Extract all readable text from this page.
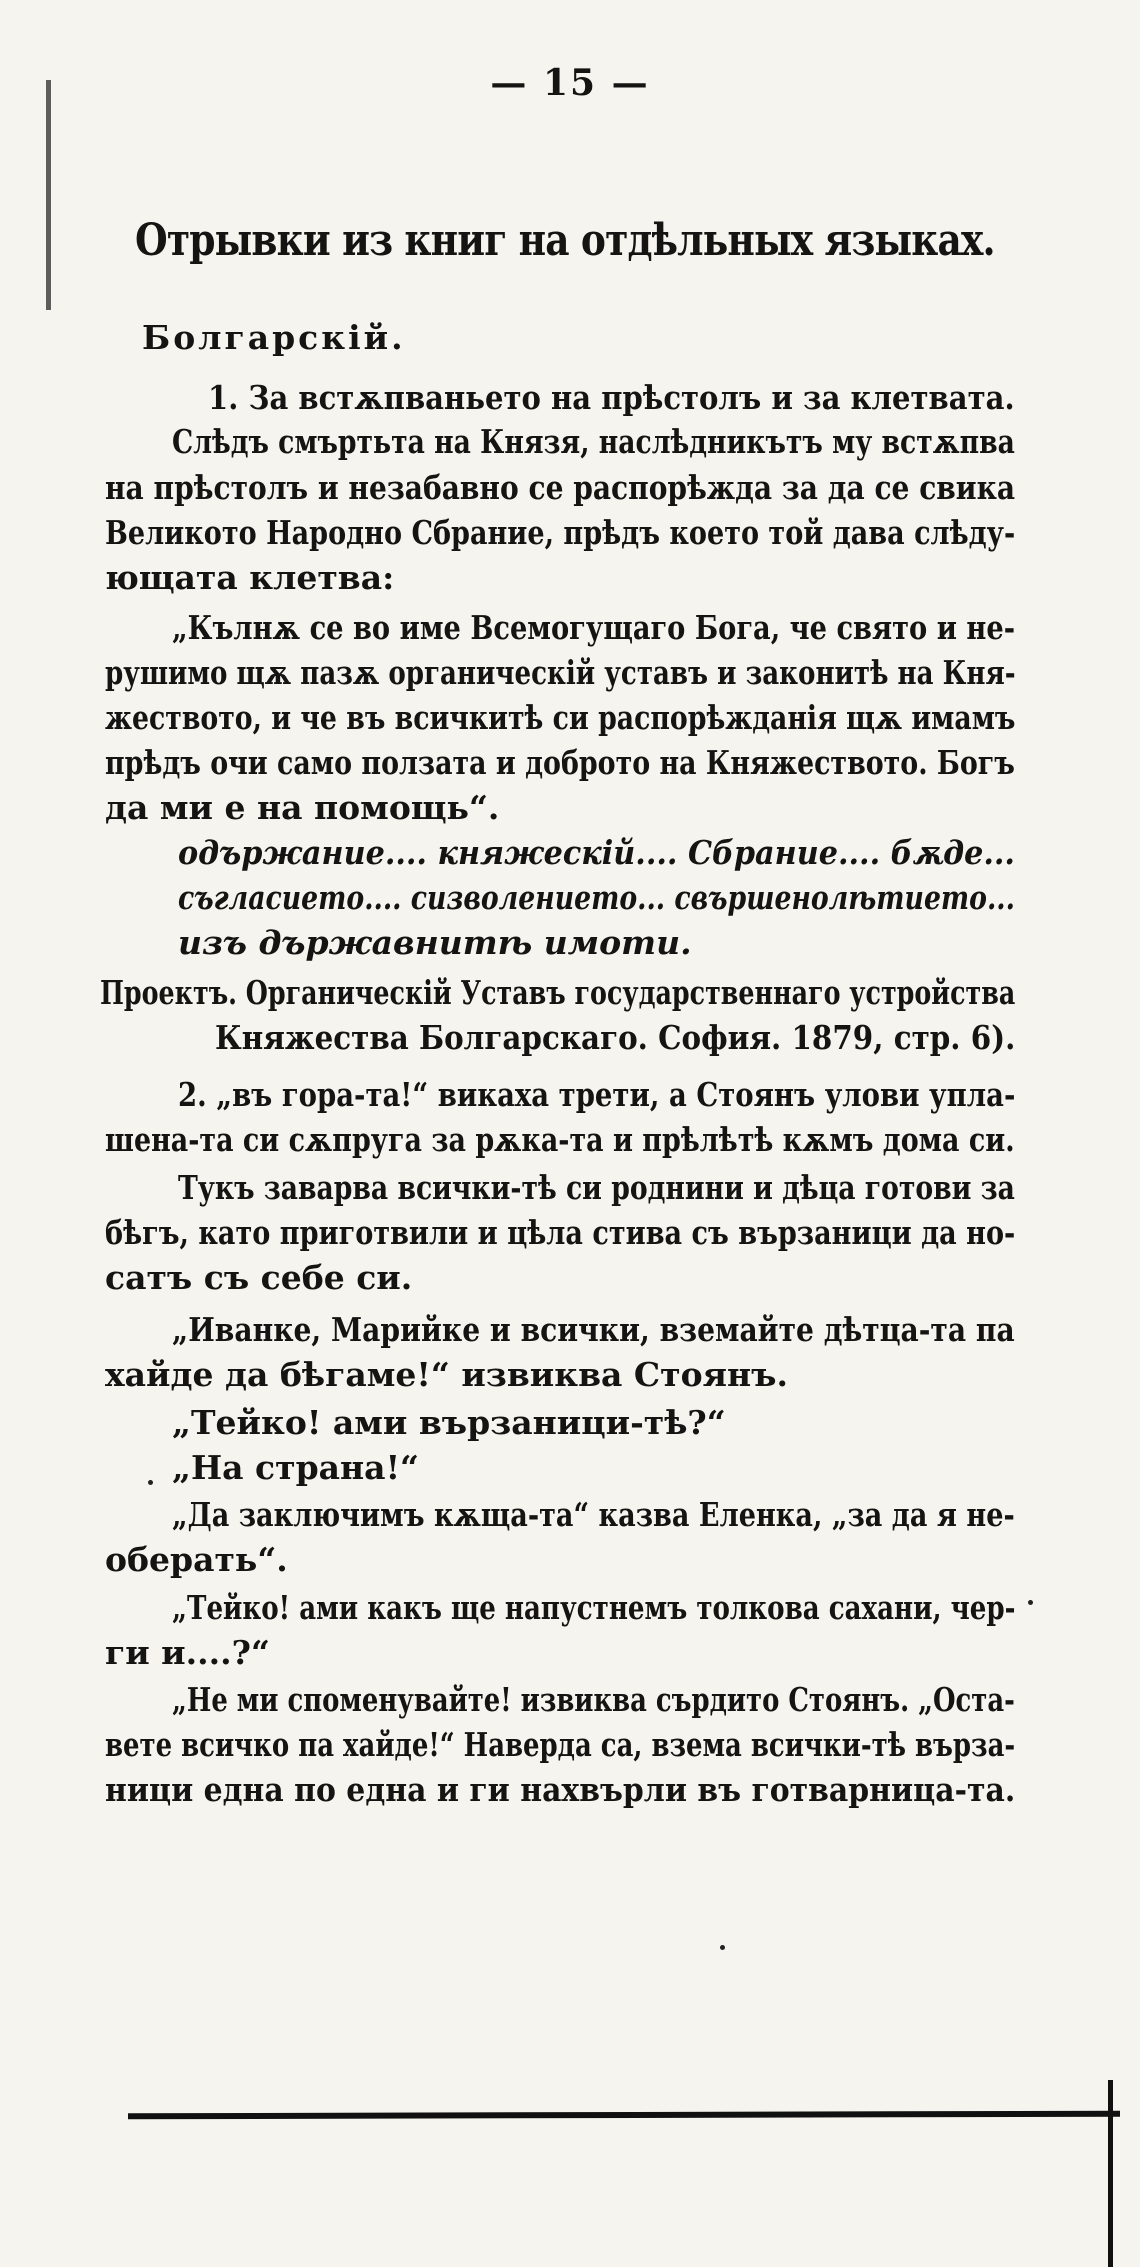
— 15 —
Отрывки из книг на отдѣльных языках.
Болгарскій.
1. За встѫпваньето на прѣстолъ и за клетвата.
Слѣдъ смъртьта на Князя, наслѣдникътъ му встѫпва
на прѣстолъ и незабавно се распорѣжда за да се свика
Великото Народно Сбрание, прѣдъ което той дава слѣду-
ющата клетва:
„Кълнѫ се во име Всемогущаго Бога, че свято и не-
рушимо щѫ пазѫ органическій уставъ и законитѣ на Кня-
жеството, и че въ всичкитѣ си распорѣжданія щѫ имамъ
прѣдъ очи само ползата и доброто на Княжеството. Богъ
да ми е на помощь“.
одържание.... княжескій.... Сбрание.... бѫде...
съгласието.... сизволението... свършенолѣтието...
изъ държавнитѣ имоти.
Проектъ. Органическій Уставъ государственнаго устройства
Княжества Болгарскаго. София. 1879, стр. 6).
2. „въ гора-та!“ викаха трети, а Стоянъ улови упла-
шена-та си сѫпруга за рѫка-та и прѣлѣтѣ кѫмъ дома си.
Тукъ заварва всички-тѣ си роднини и дѣца готови за
бѣгъ, като приготвили и цѣла стива съ вързаници да но-
сатъ съ себе си.
„Иванке, Марийке и всички, вземайте дѣтца-та па
хайде да бѣгаме!“ извиква Стоянъ.
„Тейко! ами вързаници-тѣ?“
„На страна!“
„Да заключимъ кѫща-та“ казва Еленка, „за да я не-
оберать“.
„Тейко! ами какъ ще напустнемъ толкова сахани, чер-
ги и....?“
„Не ми споменувайте! извиква сърдито Стоянъ. „Оста-
вете всичко па хайде!“ Наверда са, взема всички-тѣ върза-
ници една по една и ги нахвърли въ готварница-та.
